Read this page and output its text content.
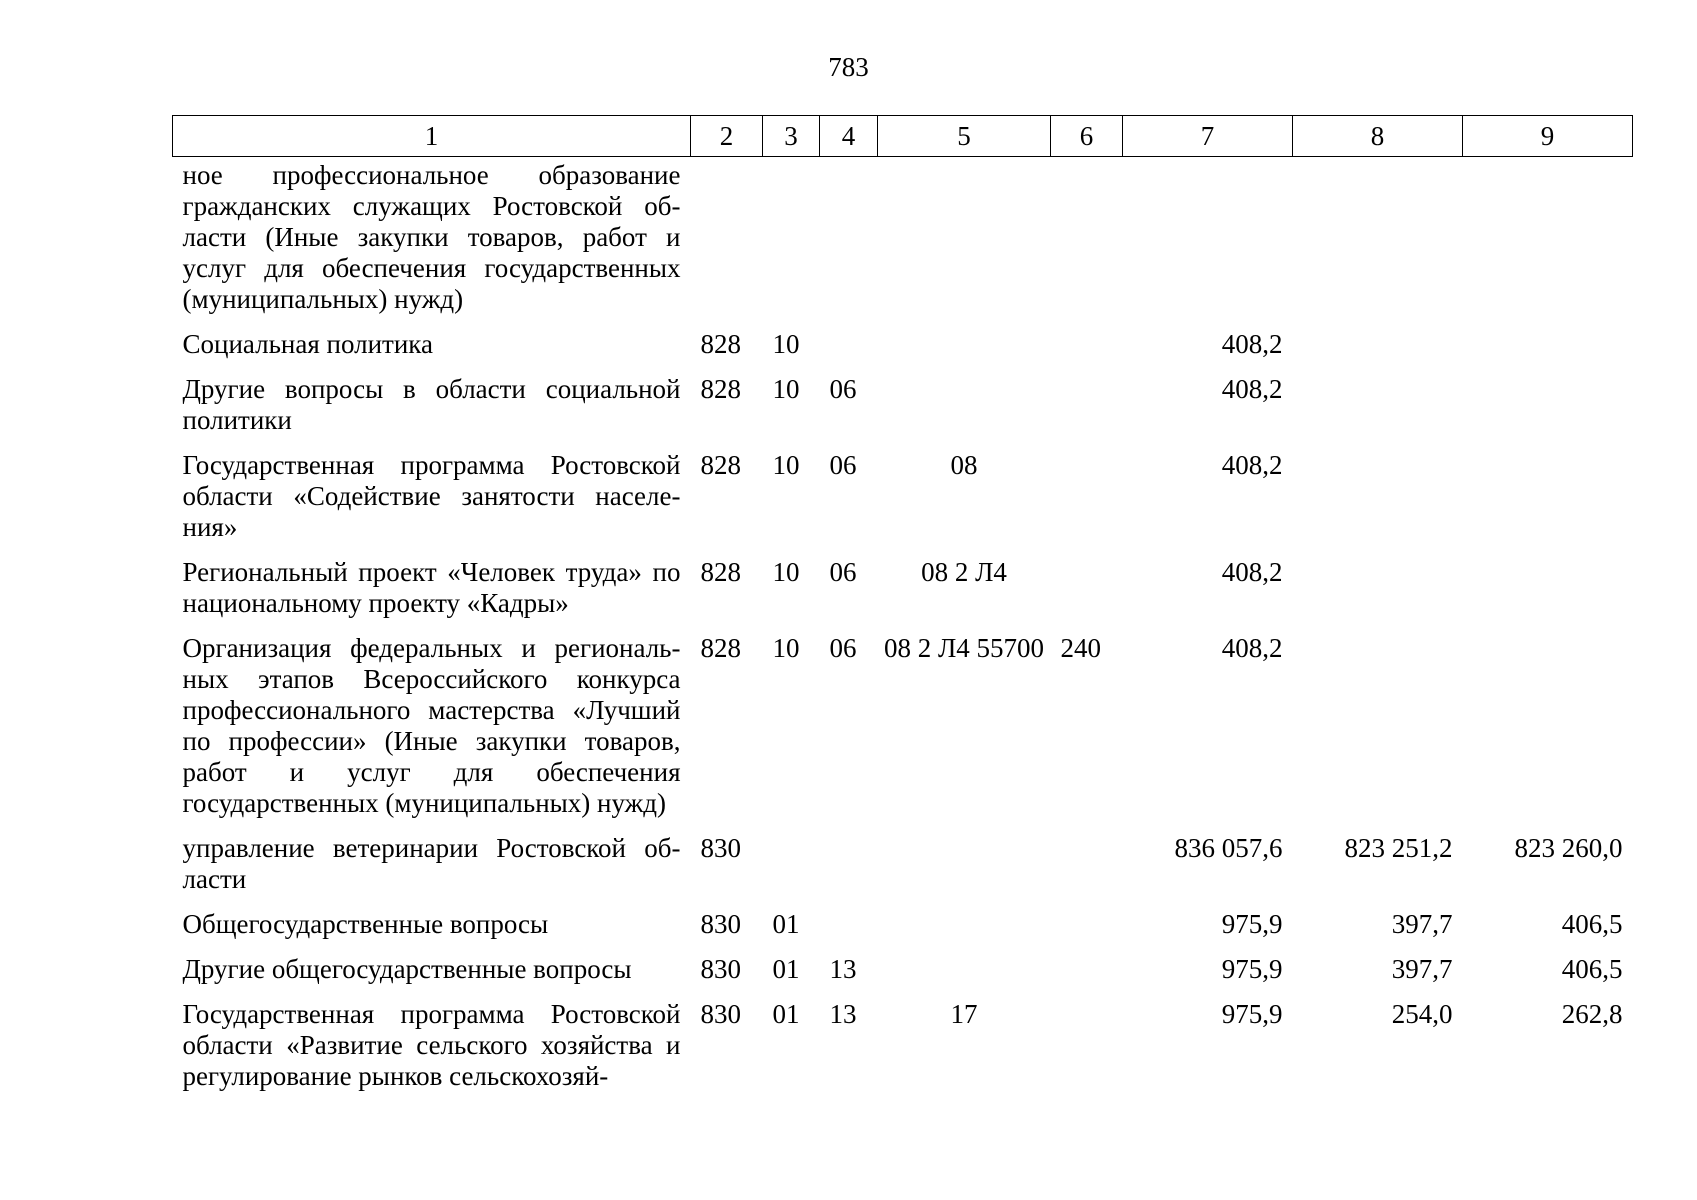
783
1	2	3	4	5	6	7	8	9
ное профессиональное образование гражданских служащих Ростовской области (Иные закупки товаров, работ и услуг для обеспечения государственных (муниципальных) нужд)								
Социальная политика	828	10				408,2		
Другие вопросы в области социальной политики	828	10	06			408,2		
Государственная программа Ростовской области «Содействие занятости населения»	828	10	06	08		408,2		
Региональный проект «Человек труда» по национальному проекту «Кадры»	828	10	06	08 2 Л4		408,2		
Организация федеральных и региональных этапов Всероссийского конкурса профессионального мастерства «Лучший по профессии» (Иные закупки товаров, работ и услуг для обеспечения государственных (муниципальных) нужд)	828	10	06	08 2 Л4 55700	240	408,2		
управление ветеринарии Ростовской области	830					836 057,6	823 251,2	823 260,0
Общегосударственные вопросы	830	01				975,9	397,7	406,5
Другие общегосударственные вопросы	830	01	13			975,9	397,7	406,5
Государственная программа Ростовской области «Развитие сельского хозяйства и регулирование рынков сельскохозяй-	830	01	13	17		975,9	254,0	262,8
